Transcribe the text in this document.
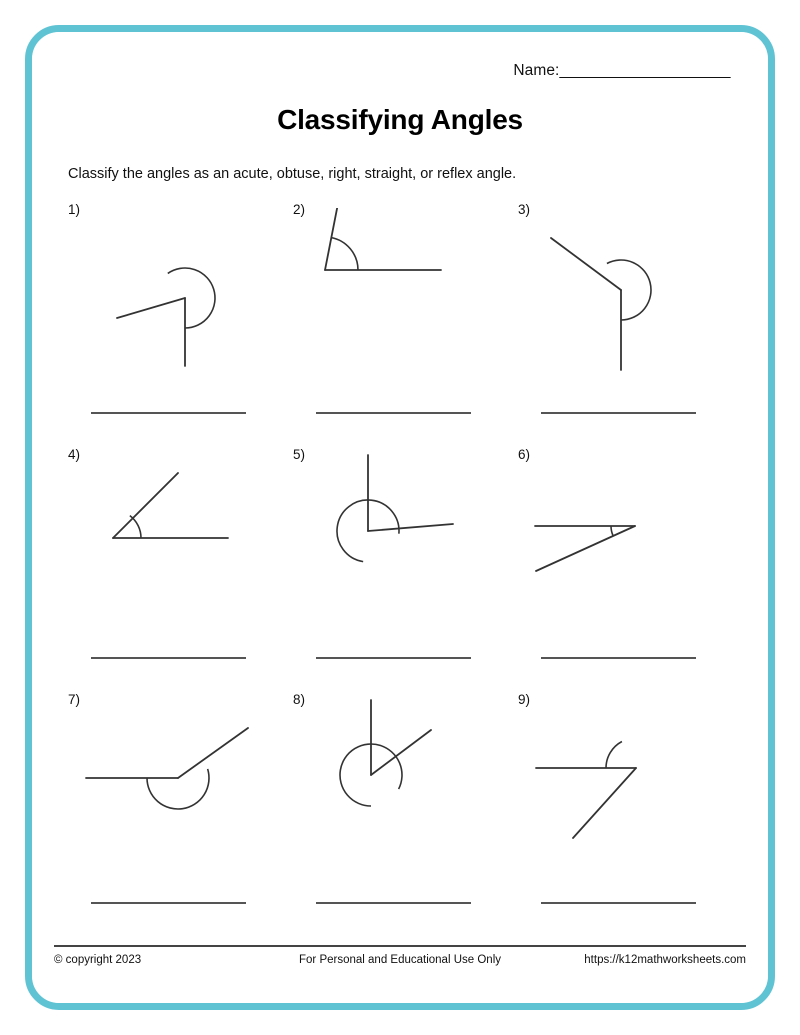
Name:_____________________
Classifying Angles
Classify the angles as an acute, obtuse, right, straight, or reflex angle.
1)	2)	3)
4)	5)	6)
7)	8)	9)
© copyright 2023	For Personal and Educational Use Only	https://k12mathworksheets.com
